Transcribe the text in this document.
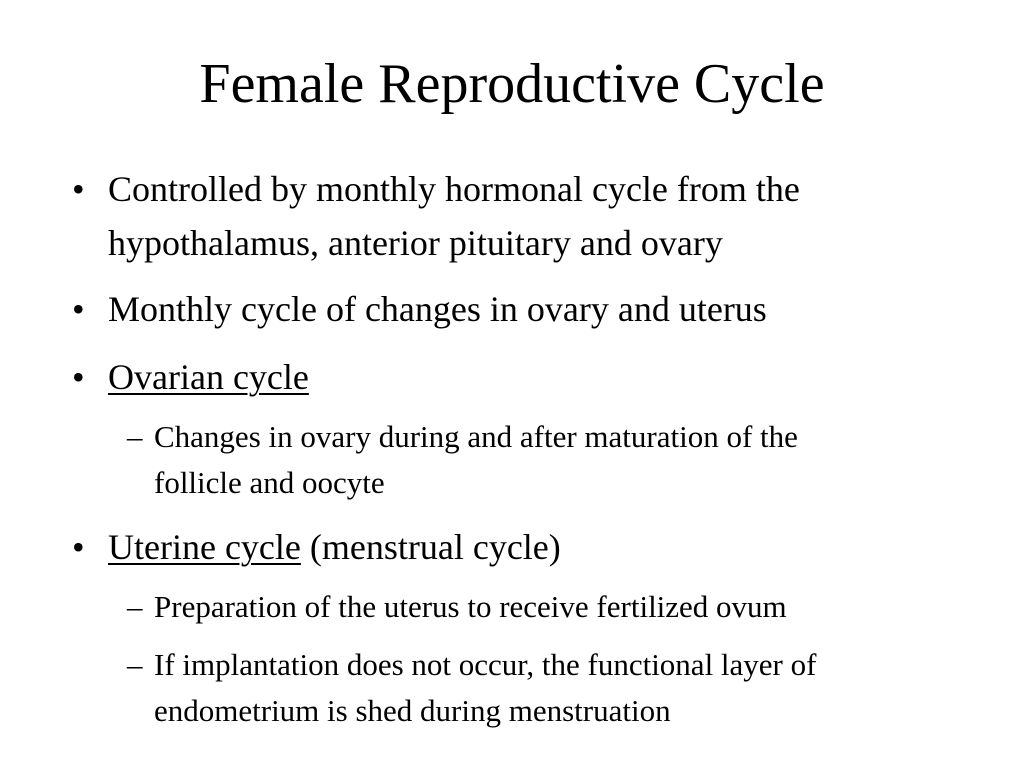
Female Reproductive Cycle
• Controlled by monthly hormonal cycle from the
hypothalamus, anterior pituitary and ovary
• Monthly cycle of changes in ovary and uterus
• Ovarian cycle
– Changes in ovary during and after maturation of the
follicle and oocyte
• Uterine cycle (menstrual cycle)
– Preparation of the uterus to receive fertilized ovum
– If implantation does not occur, the functional layer of
endometrium is shed during menstruation
